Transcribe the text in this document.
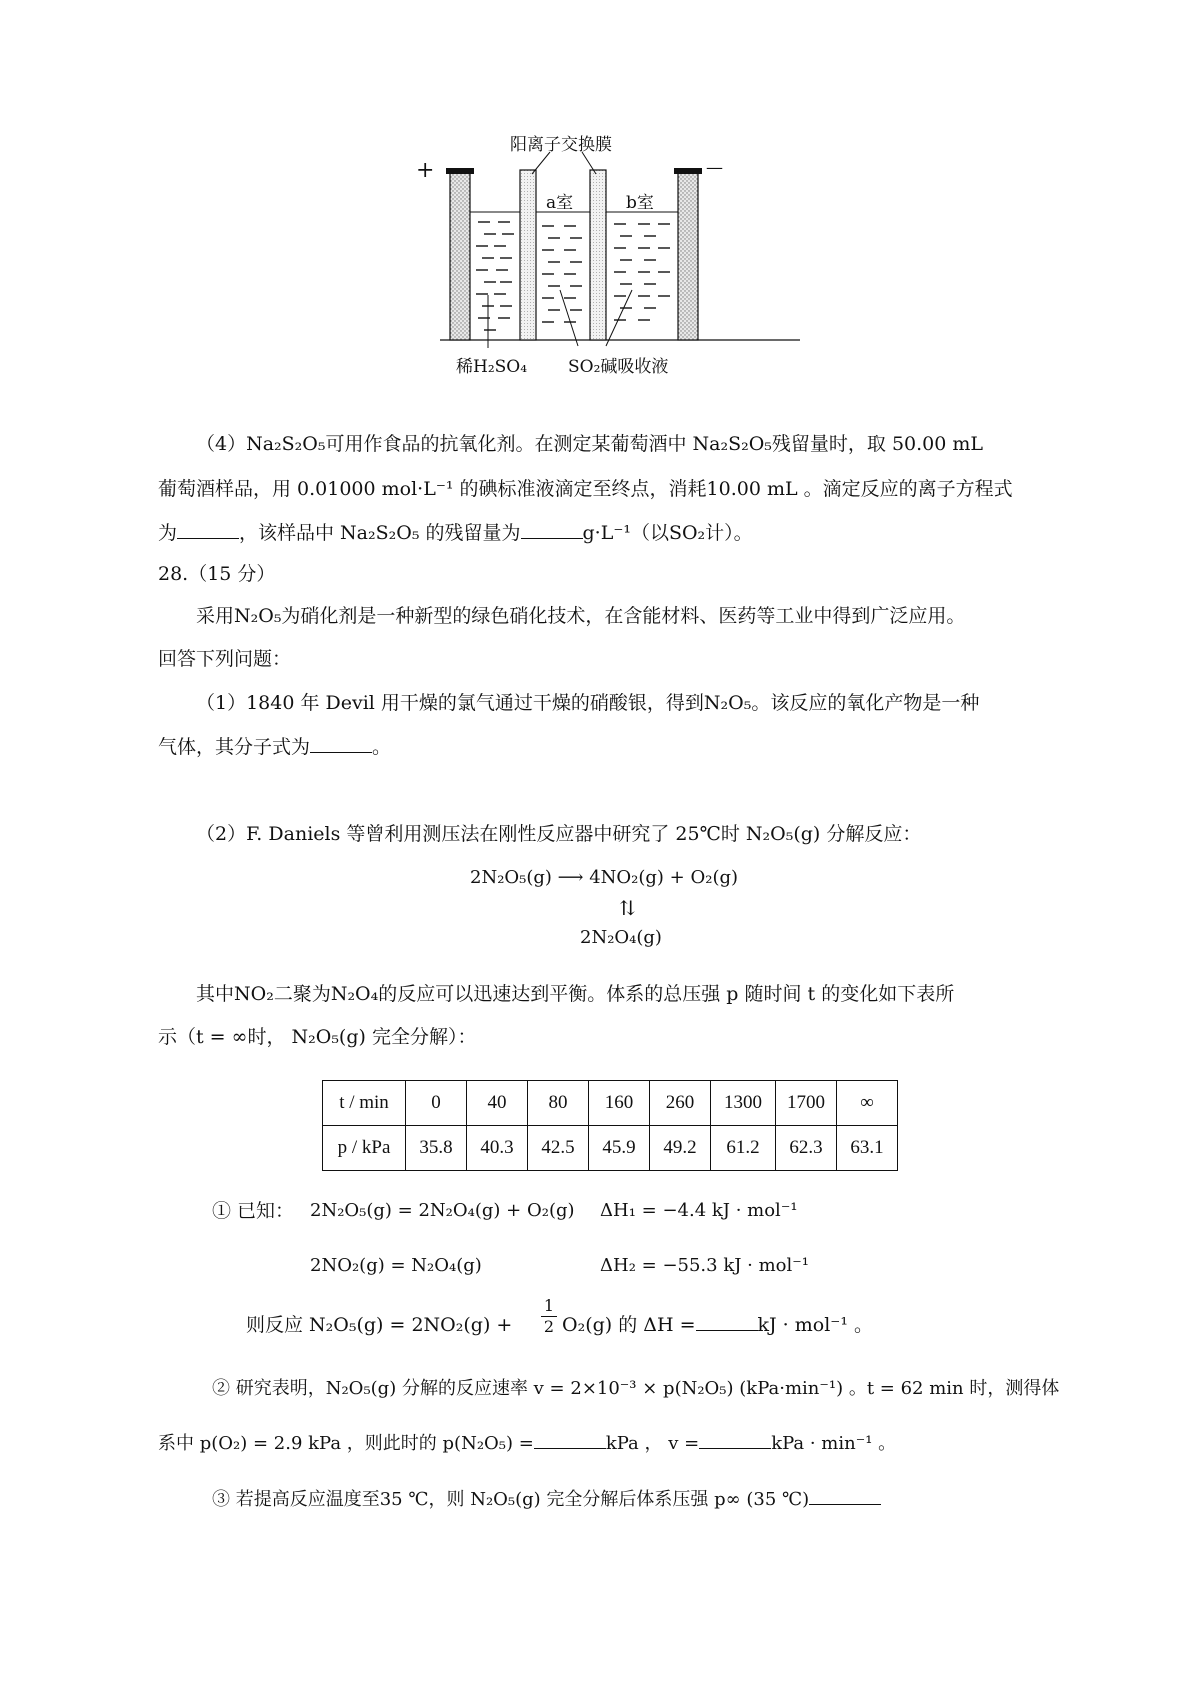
阳离子交换膜
+	—
a室	b室
稀H₂SO₄ SO₂碱吸收液
（4）Na₂S₂O₅可用作食品的抗氧化剂。在测定某葡萄酒中 Na₂S₂O₅残留量时，取 50.00 mL
葡萄酒样品，用 0.01000 mol·L⁻¹ 的碘标准液滴定至终点，消耗10.00 mL 。滴定反应的离子方程式
为	，该样品中 Na₂S₂O₅ 的残留量为	g·L⁻¹（以SO₂计）。
28.（15 分）
采用N₂O₅为硝化剂是一种新型的绿色硝化技术，在含能材料、医药等工业中得到广泛应用。
回答下列问题：
（1）1840 年 Devil 用干燥的氯气通过干燥的硝酸银，得到N₂O₅。该反应的氧化产物是一种
气体，其分子式为	。
（2）F. Daniels 等曾利用测压法在刚性反应器中研究了 25℃时 N₂O₅(g) 分解反应：
2N₂O₅(g) ⟶ 4NO₂(g) + O₂(g)
⇅
2N₂O₄(g)
其中NO₂二聚为N₂O₄的反应可以迅速达到平衡。体系的总压强 p 随时间 t 的变化如下表所
示（t = ∞时， N₂O₅(g) 完全分解）：
t / min	0	40	80	160	260	1300	1700	∞
p / kPa	35.8	40.3	42.5	45.9	49.2	61.2	62.3	63.1
① 已知： 2N₂O₅(g) = 2N₂O₄(g) + O₂(g) ΔH₁ = −4.4 kJ · mol⁻¹
2NO₂(g) = N₂O₄(g)	ΔH₂ = −55.3 kJ · mol⁻¹
则反应 $N_2O_5(g) = 2NO_2(g) + \frac{1}{2} O_2(g)$ 的 ΔH =	kJ · mol⁻¹ 。
② 研究表明，N₂O₅(g) 分解的反应速率 v = 2×10⁻³ × p(N₂O₅) (kPa·min⁻¹) 。t = 62 min 时，测得体
系中 p(O₂) = 2.9 kPa ，则此时的 p(N₂O₅) =	kPa ， v =	kPa · min⁻¹ 。
③ 若提高反应温度至35 ℃，则 N₂O₅(g) 完全分解后体系压强 p∞ (35 ℃)
